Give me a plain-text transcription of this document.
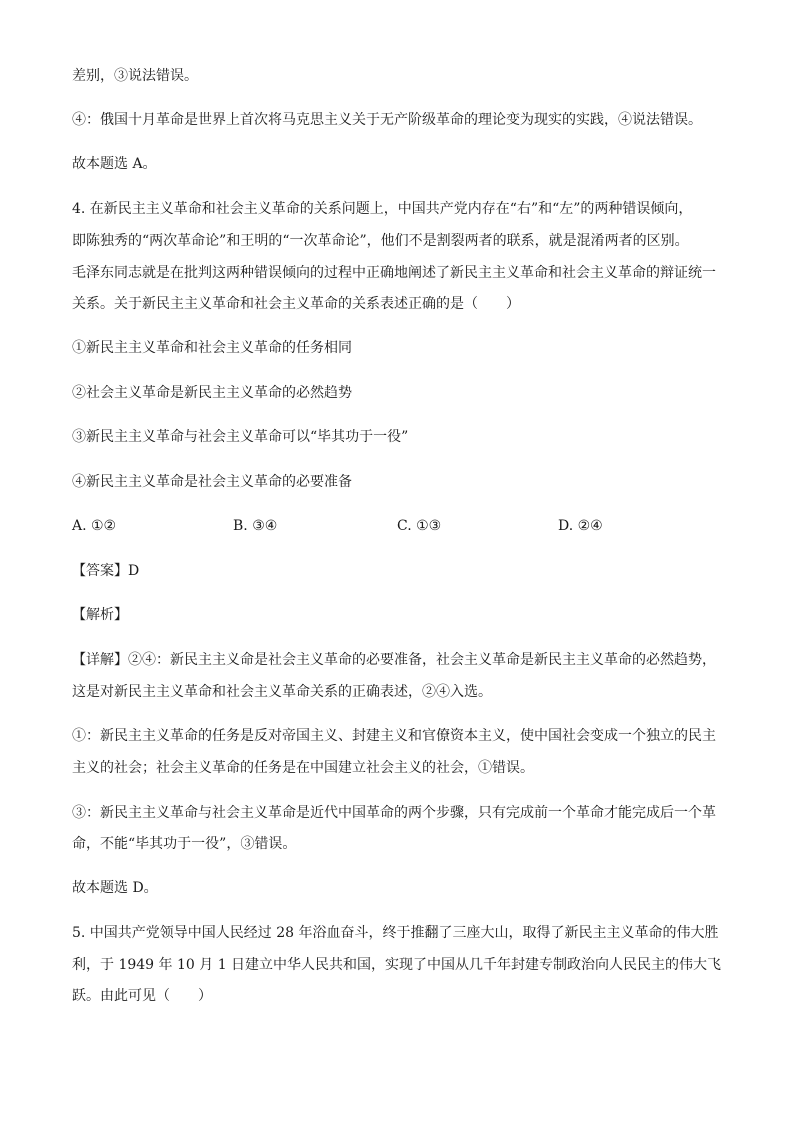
差别，③说法错误。
④：俄国十月革命是世界上首次将马克思主义关于无产阶级革命的理论变为现实的实践，④说法错误。
故本题选 A。
4. 在新民主主义革命和社会主义革命的关系问题上，中国共产党内存在“右”和“左”的两种错误倾向，
即陈独秀的“两次革命论”和王明的“一次革命论”，他们不是割裂两者的联系，就是混淆两者的区别。
毛泽东同志就是在批判这两种错误倾向的过程中正确地阐述了新民主主义革命和社会主义革命的辩证统一
关系。关于新民主主义革命和社会主义革命的关系表述正确的是（　　）
①新民主主义革命和社会主义革命的任务相同
②社会主义革命是新民主主义革命的必然趋势
③新民主主义革命与社会主义革命可以“毕其功于一役”
④新民主主义革命是社会主义革命的必要准备
A. ①②	B. ③④	C. ①③	D. ②④
【答案】D
【解析】
【详解】②④：新民主主义命是社会主义革命的必要准备，社会主义革命是新民主主义革命的必然趋势，
这是对新民主主义革命和社会主义革命关系的正确表述，②④入选。
①：新民主主义革命的任务是反对帝国主义、封建主义和官僚资本主义，使中国社会变成一个独立的民主
主义的社会；社会主义革命的任务是在中国建立社会主义的社会，①错误。
③：新民主主义革命与社会主义革命是近代中国革命的两个步骤，只有完成前一个革命才能完成后一个革
命，不能“毕其功于一役”，③错误。
故本题选 D。
5. 中国共产党领导中国人民经过 28 年浴血奋斗，终于推翻了三座大山，取得了新民主主义革命的伟大胜
利，于 1949 年 10 月 1 日建立中华人民共和国，实现了中国从几千年封建专制政治向人民民主的伟大飞
跃。由此可见（　　）
